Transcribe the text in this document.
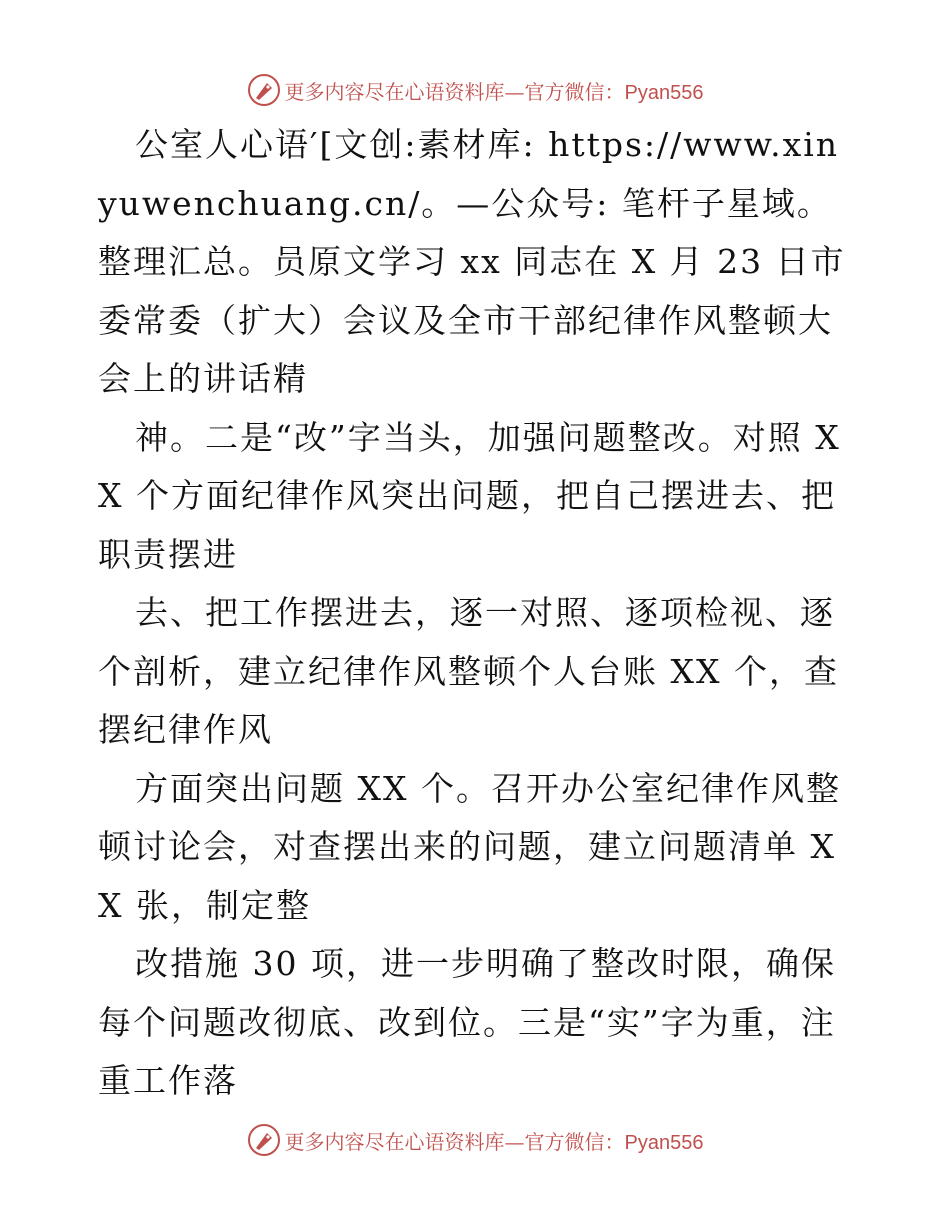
更多内容尽在心语资料库—官方微信：Pyan556

公室人心语′[文创:素材库: https://www.xinyuwenchuang.cn/。—公众号: 笔杆子星域。整理汇总。员原文学习 xx 同志在 X 月 23 日市委常委（扩大）会议及全市干部纪律作风整顿大会上的讲话精

神。二是“改”字当头，加强问题整改。对照 XX 个方面纪律作风突出问题，把自己摆进去、把职责摆进

去、把工作摆进去，逐一对照、逐项检视、逐个剖析，建立纪律作风整顿个人台账 XX 个，查摆纪律作风

方面突出问题 XX 个。召开办公室纪律作风整顿讨论会，对查摆出来的问题，建立问题清单 XX 张，制定整

改措施 30 项，进一步明确了整改时限，确保每个问题改彻底、改到位。三是“实”字为重，注重工作落

更多内容尽在心语资料库—官方微信：Pyan556
